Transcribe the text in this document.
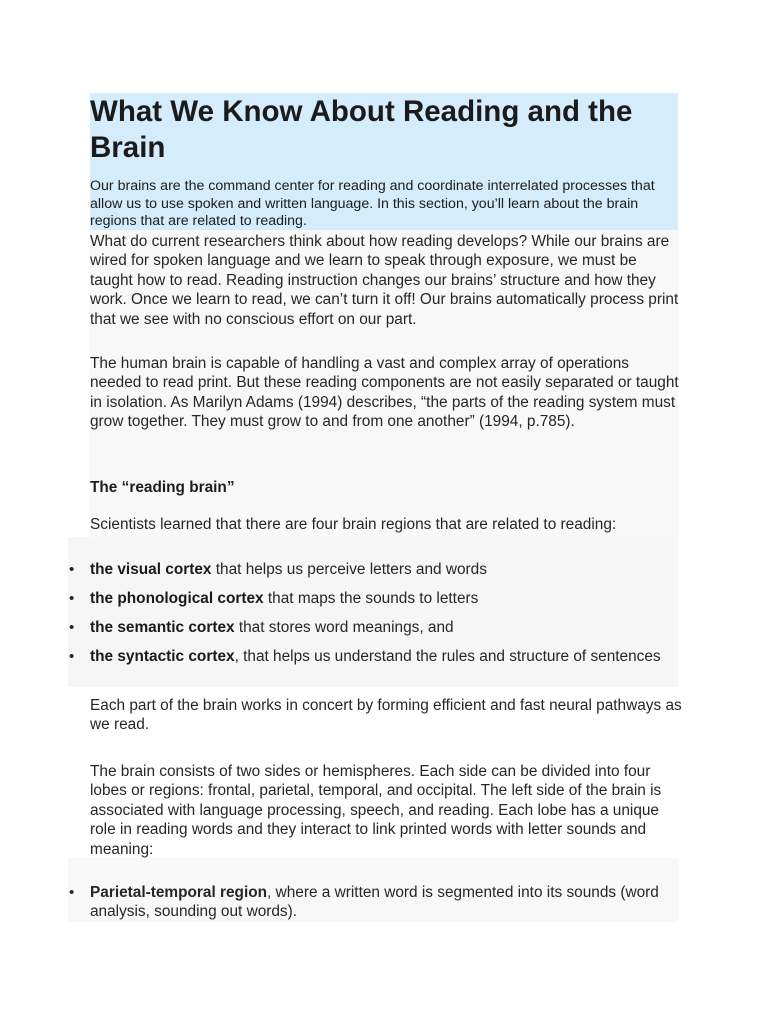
What We Know About Reading and the Brain

Our brains are the command center for reading and coordinate interrelated processes that allow us to use spoken and written language. In this section, you’ll learn about the brain regions that are related to reading.

What do current researchers think about how reading develops? While our brains are wired for spoken language and we learn to speak through exposure, we must be taught how to read. Reading instruction changes our brains’ structure and how they work. Once we learn to read, we can’t turn it off! Our brains automatically process print that we see with no conscious effort on our part.

The human brain is capable of handling a vast and complex array of operations needed to read print. But these reading components are not easily separated or taught in isolation. As Marilyn Adams (1994) describes, “the parts of the reading system must grow together. They must grow to and from one another” (1994, p.785).

The “reading brain”

Scientists learned that there are four brain regions that are related to reading:

• the visual cortex that helps us perceive letters and words
• the phonological cortex that maps the sounds to letters
• the semantic cortex that stores word meanings, and
• the syntactic cortex, that helps us understand the rules and structure of sentences

Each part of the brain works in concert by forming efficient and fast neural pathways as we read.

The brain consists of two sides or hemispheres. Each side can be divided into four lobes or regions: frontal, parietal, temporal, and occipital. The left side of the brain is associated with language processing, speech, and reading. Each lobe has a unique role in reading words and they interact to link printed words with letter sounds and meaning:

• Parietal-temporal region, where a written word is segmented into its sounds (word analysis, sounding out words).
